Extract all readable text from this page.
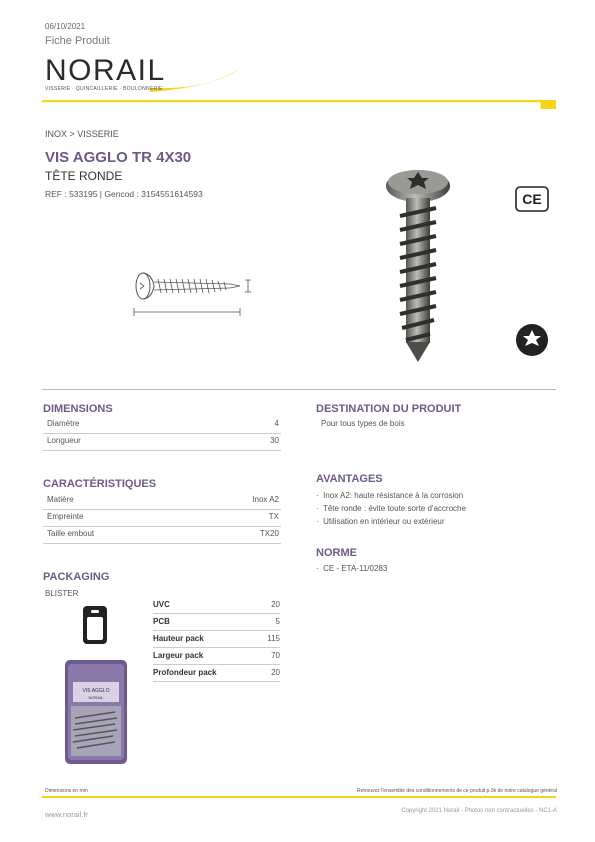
06/10/2021
Fiche Produit
NORAIL
VISSERIE · QUINCAILLERIE · BOULONNERIE
INOX > VISSERIE
VIS AGGLO TR 4X30
TÊTE RONDE
REF : 533195 | Gencod : 3154551614593	CE
DIMENSIONS
Diamètre	4
Longueur	30
CARACTÉRISTIQUES
Matière	Inox A2
Empreinte	TX
Taille embout	TX20
PACKAGING
BLISTER
VIS AGGLO
NORAIL
UVC	20
PCB	5
Hauteur pack	115
Largeur pack	70
Profondeur pack	20
DESTINATION DU PRODUIT
Pour tous types de bois
AVANTAGES
·  Inox A2: haute résistance à la corrosion
·  Tête ronde : évite toute sorte d'accroche
·  Utilisation en intérieur ou extérieur
NORME
·  CE - ETA-11/0283
Dimensions en mm	Retrouvez l'ensemble des conditionnements de ce produit p.9k de notre catalogue général
www.norail.fr	Copyright 2021 Norail - Photos non contractuelles - NC1-A
